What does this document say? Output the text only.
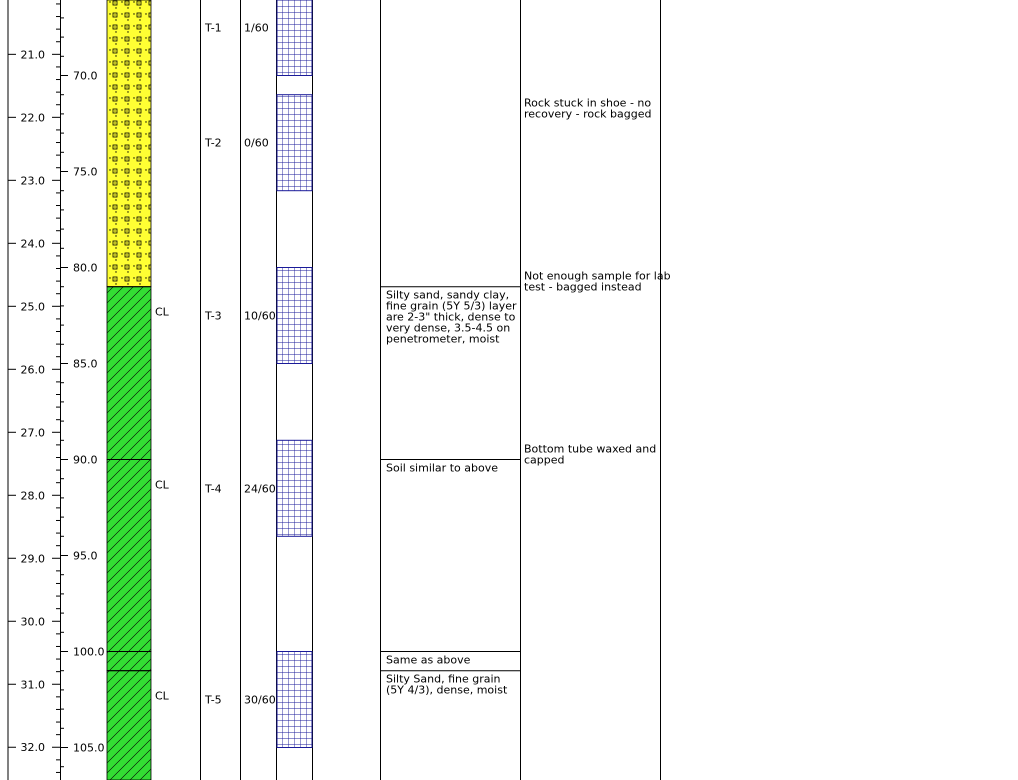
21.0
22.0
23.0
24.0
25.0
26.0
27.0
28.0
29.0
30.0
31.0
32.0
70.0
75.0
80.0
85.0
90.0
95.0
100.0
105.0
CL
CL
CL
T-1 1/60
T-2 0/60
T-3 10/60
T-4 24/60
T-5 30/60
Silty sand, sandy clay,
fine grain (5Y 5/3) layer
are 2-3" thick, dense to
very dense, 3.5-4.5 on
penetrometer, moist
Soil similar to above
Same as above
Silty Sand, fine grain
(5Y 4/3), dense, moist
Rock stuck in shoe - no
recovery - rock bagged
Not enough sample for lab
test - bagged instead
Bottom tube waxed and
capped
